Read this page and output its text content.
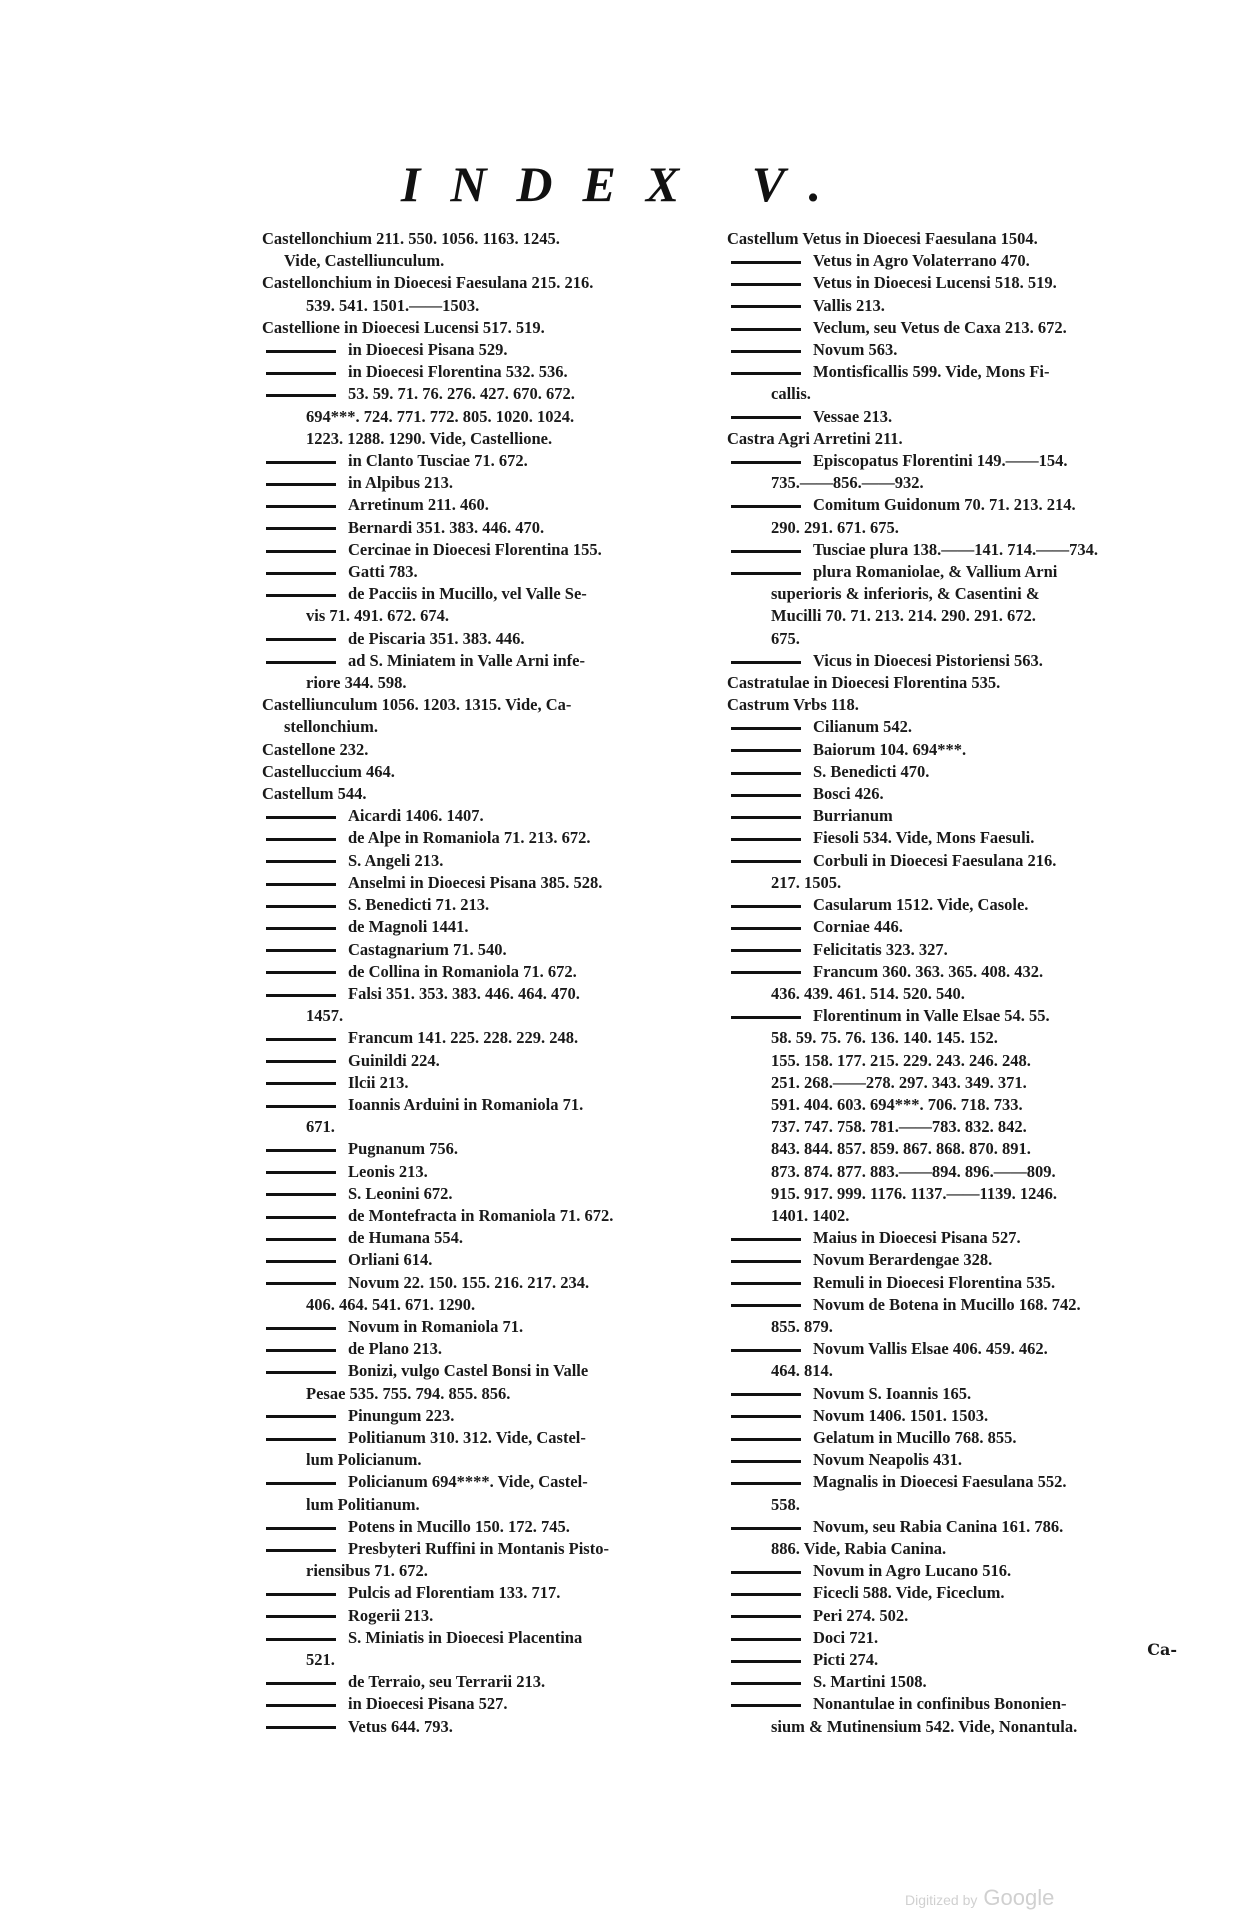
INDEX V.
Castellonchium 211. 550. 1056. 1163. 1245.
Vide, Castelliunculum.
Castellonchium in Dioecesi Faesulana 215. 216.
539. 541. 1501.——1503.
Castellione in Dioecesi Lucensi 517. 519.
in Dioecesi Pisana 529.
in Dioecesi Florentina 532. 536.
53. 59. 71. 76. 276. 427. 670. 672.
694***. 724. 771. 772. 805. 1020. 1024.
1223. 1288. 1290. Vide, Castellione.
in Clanto Tusciae 71. 672.
in Alpibus 213.
Arretinum 211. 460.
Bernardi 351. 383. 446. 470.
Cercinae in Dioecesi Florentina 155.
Gatti 783.
de Pacciis in Mucillo, vel Valle Se-
vis 71. 491. 672. 674.
de Piscaria 351. 383. 446.
ad S. Miniatem in Valle Arni infe-
riore 344. 598.
Castelliunculum 1056. 1203. 1315. Vide, Ca-
stellonchium.
Castellone 232.
Castelluccium 464.
Castellum 544.
Aicardi 1406. 1407.
de Alpe in Romaniola 71. 213. 672.
S. Angeli 213.
Anselmi in Dioecesi Pisana 385. 528.
S. Benedicti 71. 213.
de Magnoli 1441.
Castagnarium 71. 540.
de Collina in Romaniola 71. 672.
Falsi 351. 353. 383. 446. 464. 470.
1457.
Francum 141. 225. 228. 229. 248.
Guinildi 224.
Ilcii 213.
Ioannis Arduini in Romaniola 71.
671.
Pugnanum 756.
Leonis 213.
S. Leonini 672.
de Montefracta in Romaniola 71. 672.
de Humana 554.
Orliani 614.
Novum 22. 150. 155. 216. 217. 234.
406. 464. 541. 671. 1290.
Novum in Romaniola 71.
de Plano 213.
Bonizi, vulgo Castel Bonsi in Valle
Pesae 535. 755. 794. 855. 856.
Pinungum 223.
Politianum 310. 312. Vide, Castel-
lum Policianum.
Policianum 694****. Vide, Castel-
lum Politianum.
Potens in Mucillo 150. 172. 745.
Presbyteri Ruffini in Montanis Pisto-
riensibus 71. 672.
Pulcis ad Florentiam 133. 717.
Rogerii 213.
S. Miniatis in Dioecesi Placentina
521.
de Terraio, seu Terrarii 213.
in Dioecesi Pisana 527.
Vetus 644. 793.
Castellum Vetus in Dioecesi Faesulana 1504.
Vetus in Agro Volaterrano 470.
Vetus in Dioecesi Lucensi 518. 519.
Vallis 213.
Veclum, seu Vetus de Caxa 213. 672.
Novum 563.
Montisficallis 599. Vide, Mons Fi-
callis.
Vessae 213.
Castra Agri Arretini 211.
Episcopatus Florentini 149.——154.
735.——856.——932.
Comitum Guidonum 70. 71. 213. 214.
290. 291. 671. 675.
Tusciae plura 138.——141. 714.——734.
plura Romaniolae, & Vallium Arni
superioris & inferioris, & Casentini &
Mucilli 70. 71. 213. 214. 290. 291. 672.
675.
Vicus in Dioecesi Pistoriensi 563.
Castratulae in Dioecesi Florentina 535.
Castrum Vrbs 118.
Cilianum 542.
Baiorum 104. 694***.
S. Benedicti 470.
Bosci 426.
Burrianum
Fiesoli 534. Vide, Mons Faesuli.
Corbuli in Dioecesi Faesulana 216.
217. 1505.
Casularum 1512. Vide, Casole.
Corniae 446.
Felicitatis 323. 327.
Francum 360. 363. 365. 408. 432.
436. 439. 461. 514. 520. 540.
Florentinum in Valle Elsae 54. 55.
58. 59. 75. 76. 136. 140. 145. 152.
155. 158. 177. 215. 229. 243. 246. 248.
251. 268.——278. 297. 343. 349. 371.
591. 404. 603. 694***. 706. 718. 733.
737. 747. 758. 781.——783. 832. 842.
843. 844. 857. 859. 867. 868. 870. 891.
873. 874. 877. 883.——894. 896.——809.
915. 917. 999. 1176. 1137.——1139. 1246.
1401. 1402.
Maius in Dioecesi Pisana 527.
Novum Berardengae 328.
Remuli in Dioecesi Florentina 535.
Novum de Botena in Mucillo 168. 742.
855. 879.
Novum Vallis Elsae 406. 459. 462.
464. 814.
Novum S. Ioannis 165.
Novum 1406. 1501. 1503.
Gelatum in Mucillo 768. 855.
Novum Neapolis 431.
Magnalis in Dioecesi Faesulana 552.
558.
Novum, seu Rabia Canina 161. 786.
886. Vide, Rabia Canina.
Novum in Agro Lucano 516.
Ficecli 588. Vide, Ficeclum.
Peri 274. 502.
Doci 721.
Picti 274.
S. Martini 1508.
Nonantulae in confinibus Bononien-
sium & Mutinensium 542. Vide, Nonantula.
Ca-
Digitized by Google
